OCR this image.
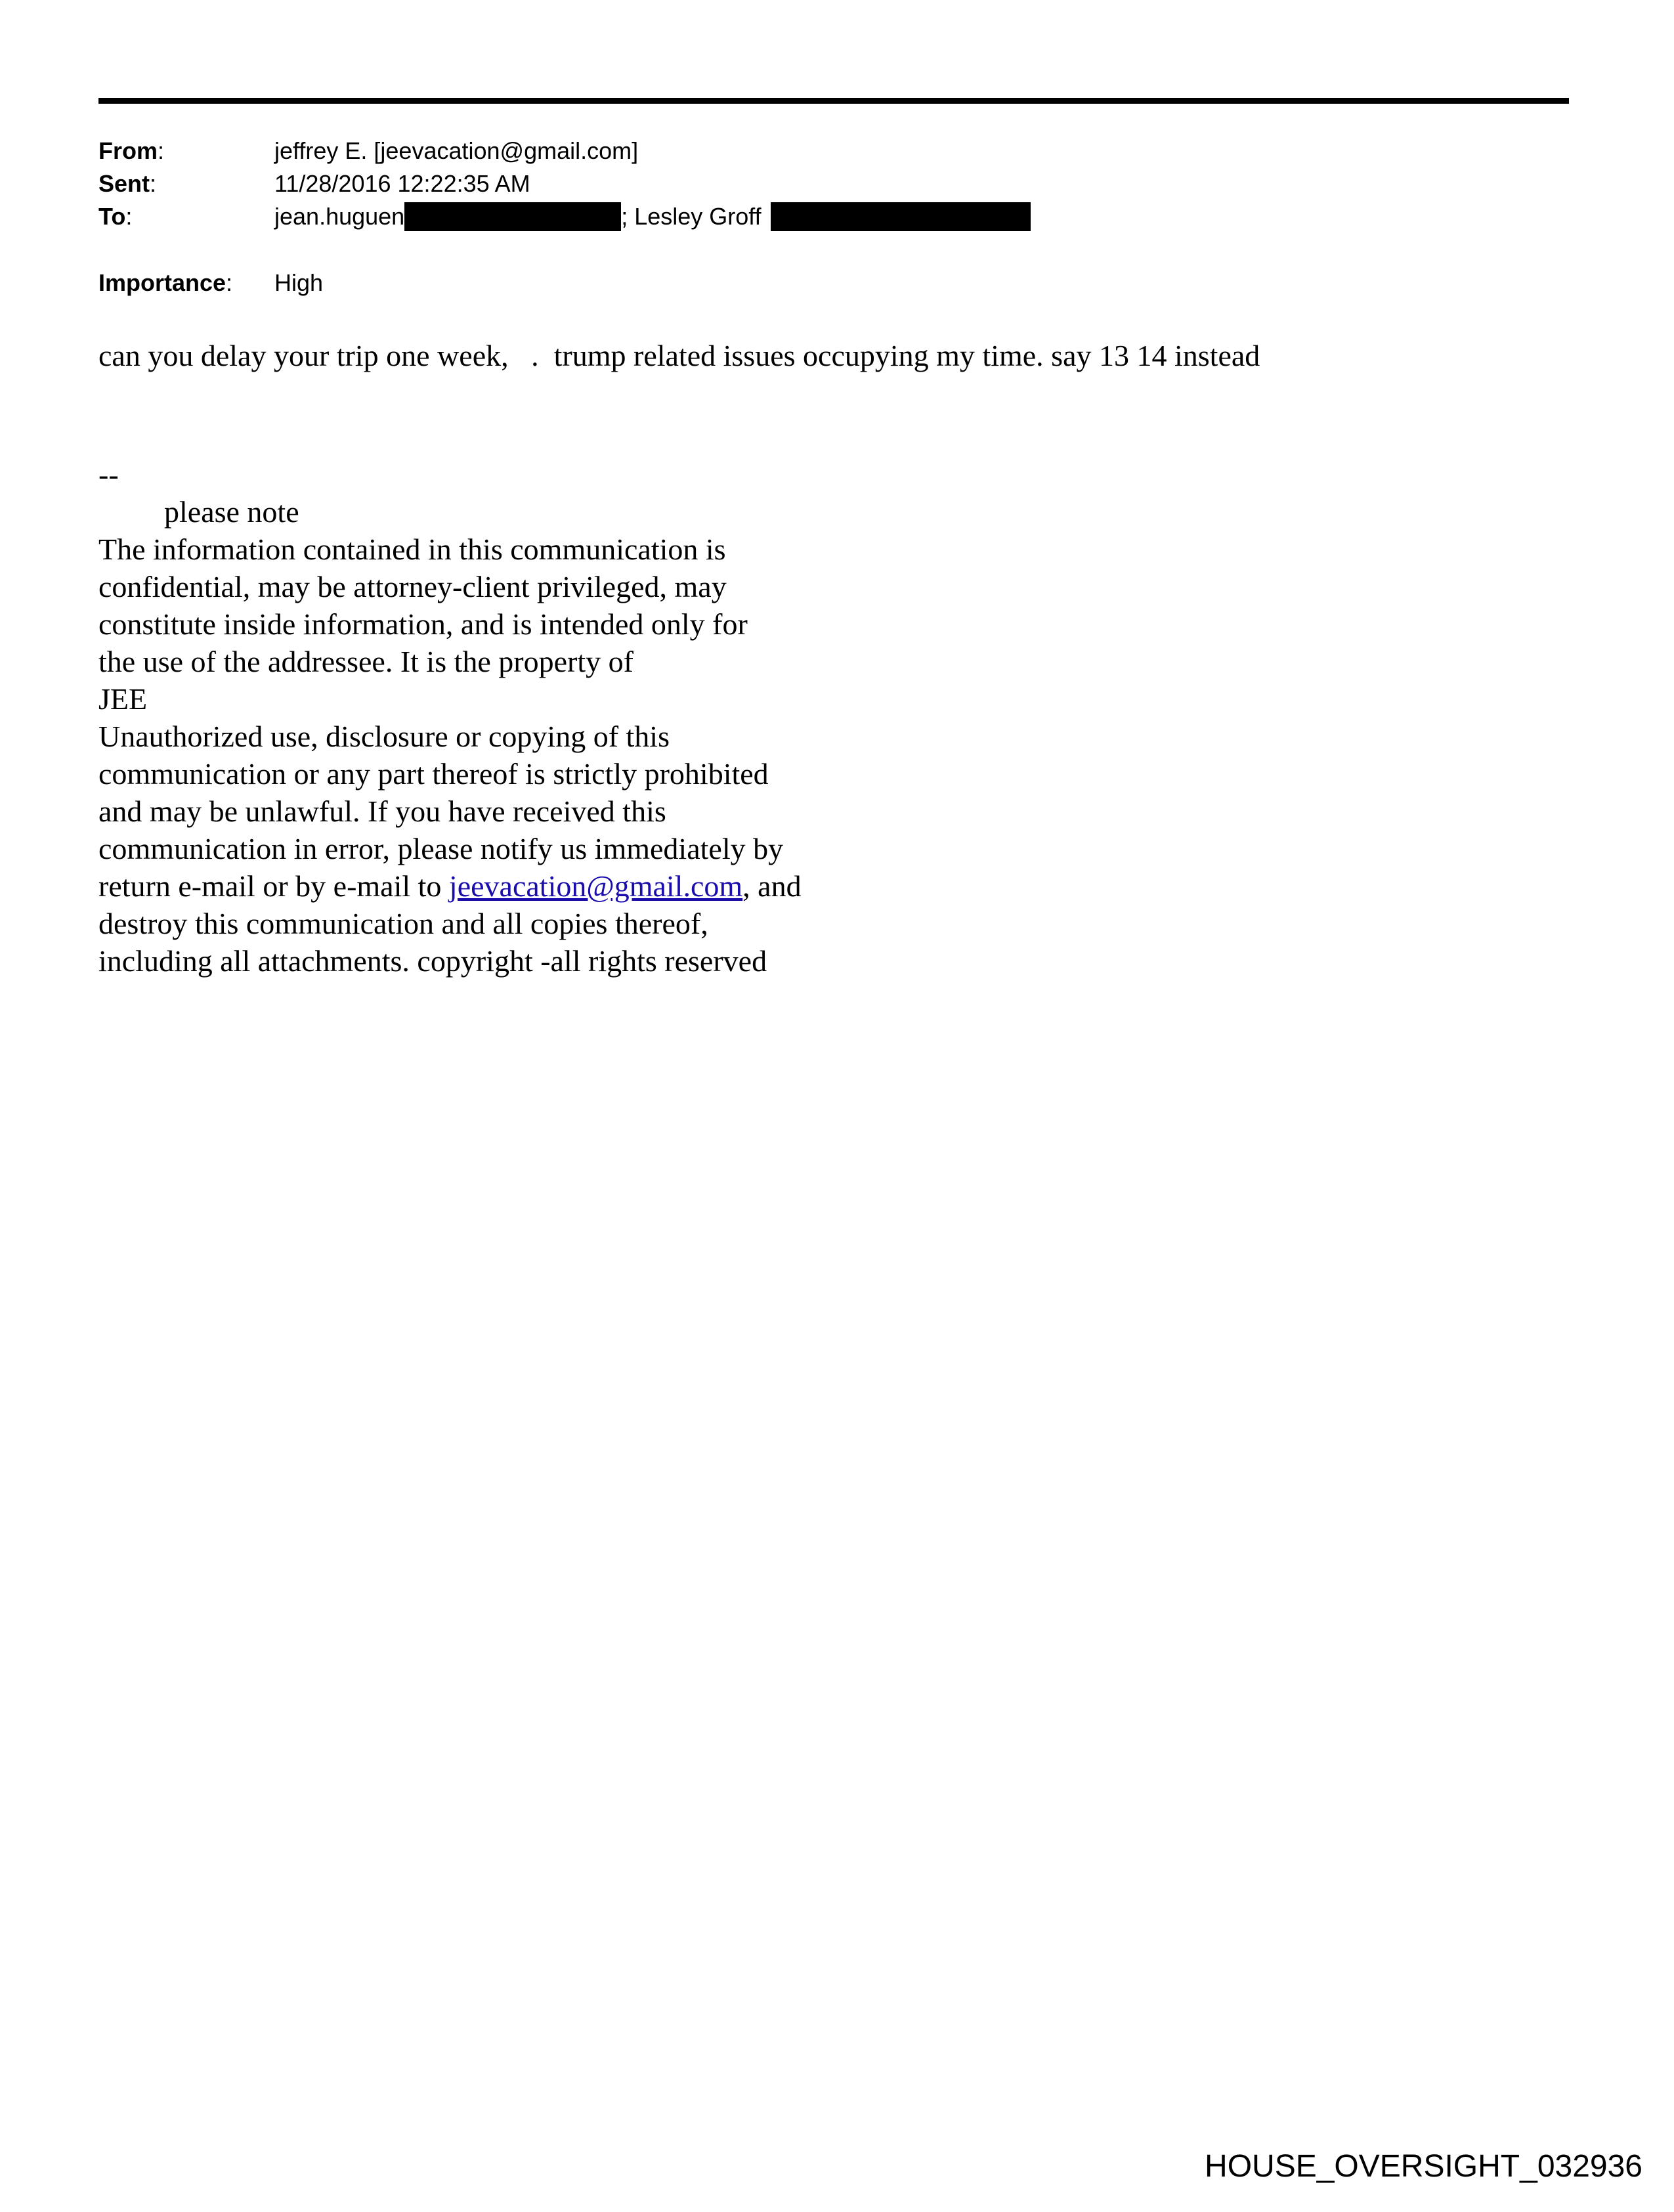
From:	jeffrey E. [jeevacation@gmail.com]
Sent:	11/28/2016 12:22:35 AM
To:	jean.huguen	; Lesley Groff
Importance: High
can you delay your trip one week,   .  trump related issues occupying my time. say 13 14 instead
--
please note
The information contained in this communication is
confidential, may be attorney-client privileged, may
constitute inside information, and is intended only for
the use of the addressee. It is the property of
JEE
Unauthorized use, disclosure or copying of this
communication or any part thereof is strictly prohibited
and may be unlawful. If you have received this
communication in error, please notify us immediately by
return e-mail or by e-mail to jeevacation@gmail.com, and
destroy this communication and all copies thereof,
including all attachments. copyright -all rights reserved
HOUSE_OVERSIGHT_032936
